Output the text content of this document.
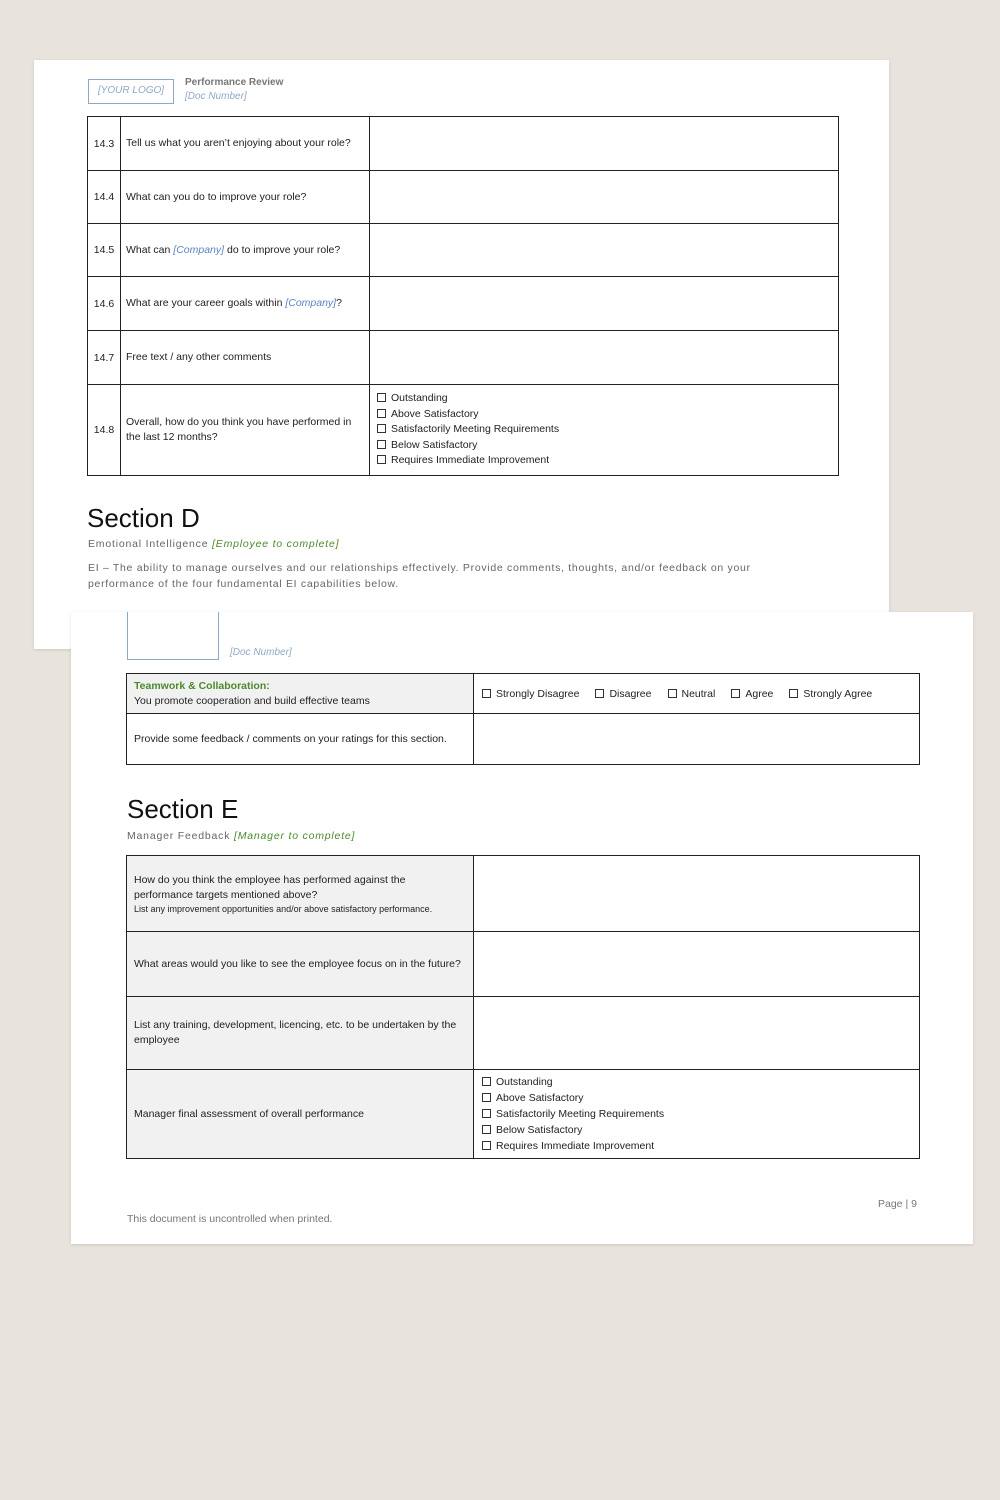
[YOUR LOGO]
Performance Review
[Doc Number]
14.3	Tell us what you aren’t enjoying about your role?	
14.4	What can you do to improve your role?	
14.5	What can [Company] do to improve your role?	
14.6	What are your career goals within [Company]?	
14.7	Free text / any other comments	
14.8	Overall, how do you think you have performed in the last 12 months?	Outstanding
Above Satisfactory
Satisfactorily Meeting Requirements
Below Satisfactory
Requires Immediate Improvement
Section D
Emotional Intelligence [Employee to complete]
EI – The ability to manage ourselves and our relationships effectively. Provide comments, thoughts, and/or feedback on your performance of the four fundamental EI capabilities below.
[Doc Number]
Teamwork & Collaboration:
You promote cooperation and build effective teams	Strongly Disagree Disagree Neutral Agree Strongly Agree
Provide some feedback / comments on your ratings for this section.	
Section E
Manager Feedback [Manager to complete]
How do you think the employee has performed against the performance targets mentioned above?
List any improvement opportunities and/or above satisfactory performance.	

What areas would you like to see the employee focus on in the future?	
List any training, development, licencing, etc. to be undertaken by the employee	
Manager final assessment of overall performance	Outstanding
Above Satisfactory
Satisfactorily Meeting Requirements
Below Satisfactory
Requires Immediate Improvement
Page | 9
This document is uncontrolled when printed.
